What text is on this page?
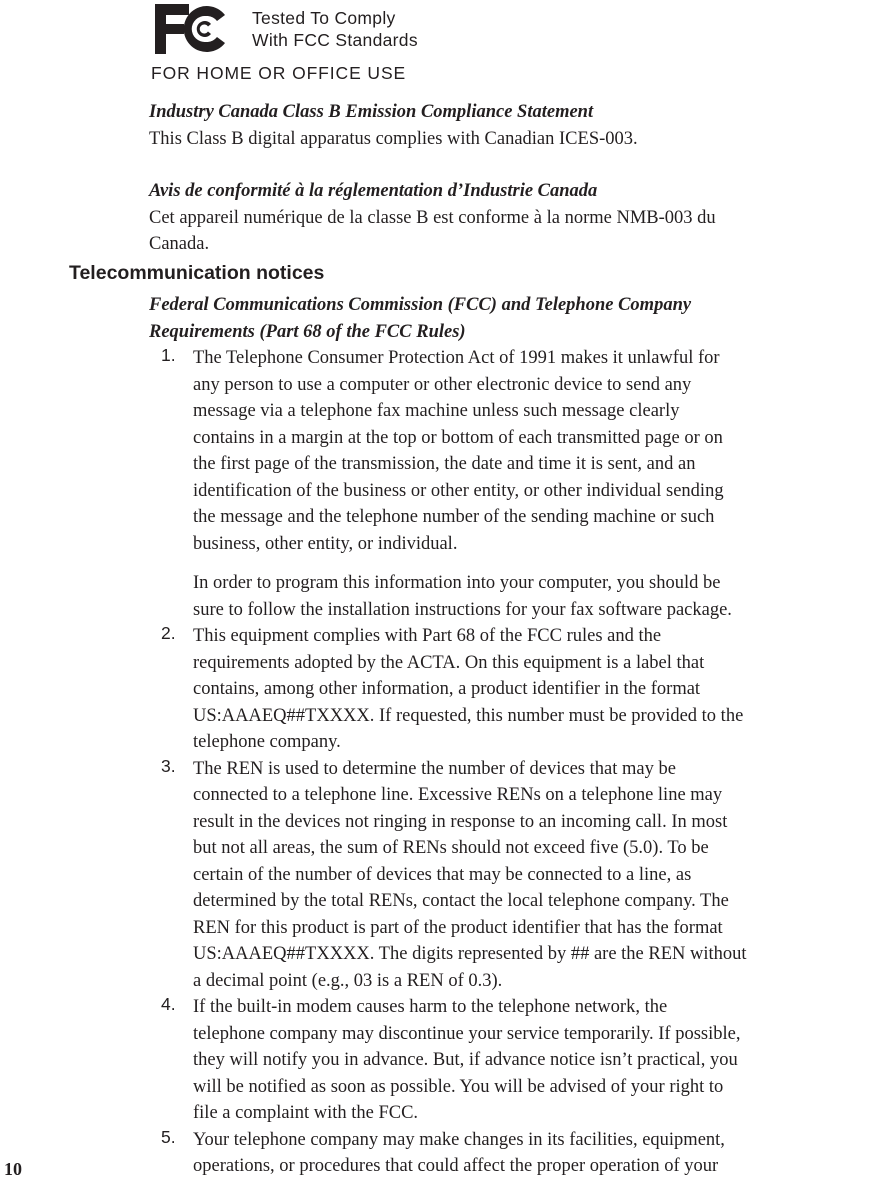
Tested To Comply
With FCC Standards
FOR HOME OR OFFICE USE
Industry Canada Class B Emission Compliance Statement
This Class B digital apparatus complies with Canadian ICES-003.
Avis de conformité à la réglementation d’Industrie Canada
Cet appareil numérique de la classe B est conforme à la norme NMB-003 du
Canada.
Telecommunication notices
Federal Communications Commission (FCC) and Telephone Company
Requirements (Part 68 of the FCC Rules)
1. The Telephone Consumer Protection Act of 1991 makes it unlawful for
any person to use a computer or other electronic device to send any
message via a telephone fax machine unless such message clearly
contains in a margin at the top or bottom of each transmitted page or on
the first page of the transmission, the date and time it is sent, and an
identification of the business or other entity, or other individual sending
the message and the telephone number of the sending machine or such
business, other entity, or individual.
In order to program this information into your computer, you should be
sure to follow the installation instructions for your fax software package.
2. This equipment complies with Part 68 of the FCC rules and the
requirements adopted by the ACTA. On this equipment is a label that
contains, among other information, a product identifier in the format
US:AAAEQ##TXXXX. If requested, this number must be provided to the
telephone company.
3. The REN is used to determine the number of devices that may be
connected to a telephone line. Excessive RENs on a telephone line may
result in the devices not ringing in response to an incoming call. In most
but not all areas, the sum of RENs should not exceed five (5.0). To be
certain of the number of devices that may be connected to a line, as
determined by the total RENs, contact the local telephone company. The
REN for this product is part of the product identifier that has the format
US:AAAEQ##TXXXX. The digits represented by ## are the REN without
a decimal point (e.g., 03 is a REN of 0.3).
4. If the built-in modem causes harm to the telephone network, the
telephone company may discontinue your service temporarily. If possible,
they will notify you in advance. But, if advance notice isn’t practical, you
will be notified as soon as possible. You will be advised of your right to
file a complaint with the FCC.
5. Your telephone company may make changes in its facilities, equipment,
operations, or procedures that could affect the proper operation of your
10
